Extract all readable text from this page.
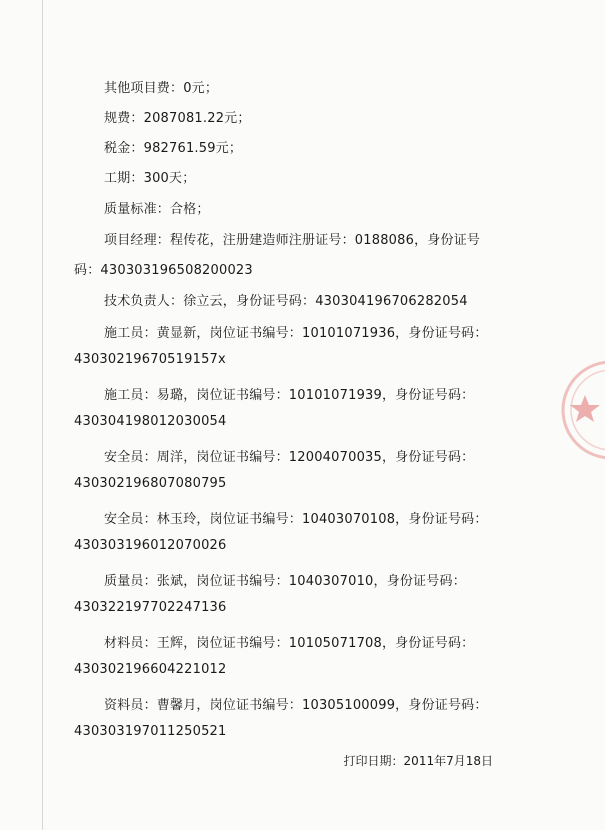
其他项目费：0元；
规费：2087081.22元；
税金：982761.59元；
工期：300天；
质量标准：合格；
项目经理：程传花，注册建造师注册证号：0188086，身份证号
码：430303196508200023
技术负责人：徐立云，身份证号码：430304196706282054
施工员：黄显新，岗位证书编号：10101071936，身份证号码：
43030219670519157x
施工员：易璐，岗位证书编号：10101071939，身份证号码：
430304198012030054
安全员：周洋，岗位证书编号：12004070035，身份证号码：
430302196807080795
安全员：林玉玲，岗位证书编号：10403070108，身份证号码：
430303196012070026
质量员：张斌，岗位证书编号：1040307010，身份证号码：
430322197702247136
材料员：王辉，岗位证书编号：10105071708，身份证号码：
430302196604221012
资料员：曹馨月，岗位证书编号：10305100099，身份证号码：
430303197011250521
打印日期：2011年7月18日
